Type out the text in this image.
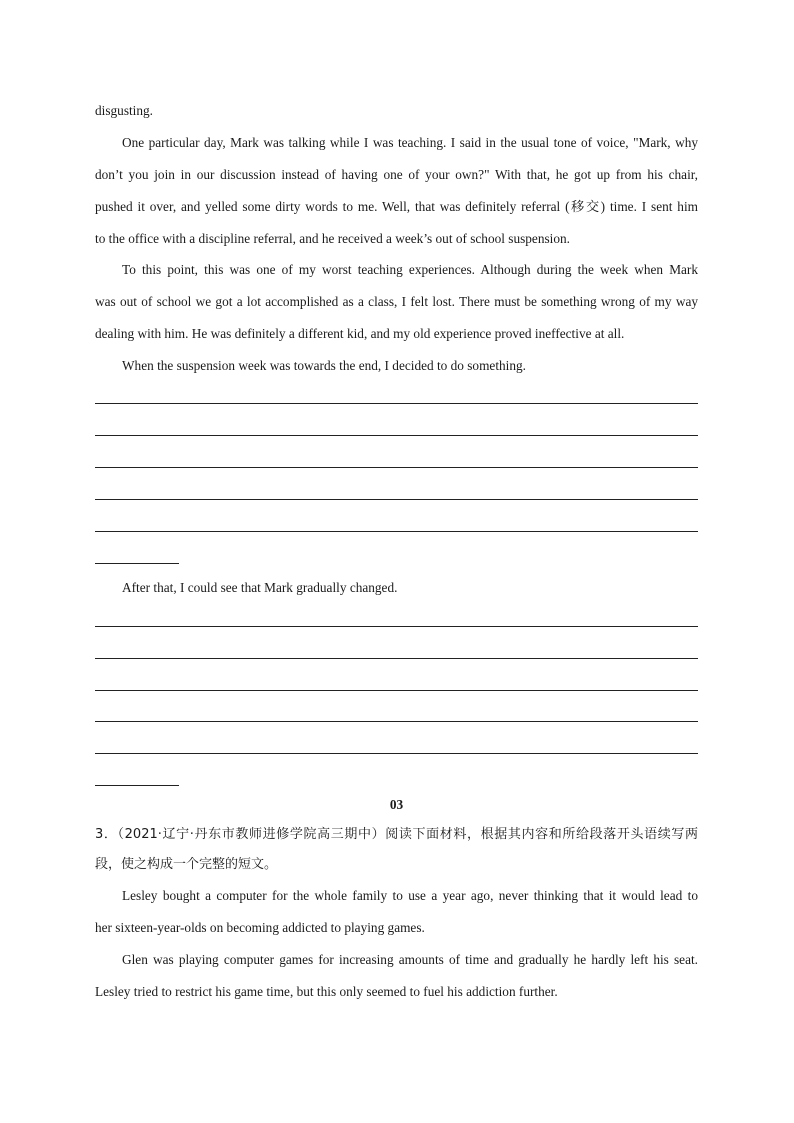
disgusting.
One particular day, Mark was talking while I was teaching. I said in the usual tone of voice, "Mark, why
don’t you join in our discussion instead of having one of your own?" With that, he got up from his chair,
pushed it over, and yelled some dirty words to me. Well, that was definitely referral (移交) time. I sent him
to the office with a discipline referral, and he received a week’s out of school suspension.
To this point, this was one of my worst teaching experiences. Although during the week when Mark
was out of school we got a lot accomplished as a class, I felt lost. There must be something wrong of my way
dealing with him. He was definitely a different kid, and my old experience proved ineffective at all.
When the suspension week was towards the end, I decided to do something.
After that, I could see that Mark gradually changed.
03
3．（2021·辽宁·丹东市教师进修学院高三期中）阅读下面材料，根据其内容和所给段落开头语续写两
段，使之构成一个完整的短文。
Lesley bought a computer for the whole family to use a year ago, never thinking that it would lead to
her sixteen-year-olds on becoming addicted to playing games.
Glen was playing computer games for increasing amounts of time and gradually he hardly left his seat.
Lesley tried to restrict his game time, but this only seemed to fuel his addiction further.
